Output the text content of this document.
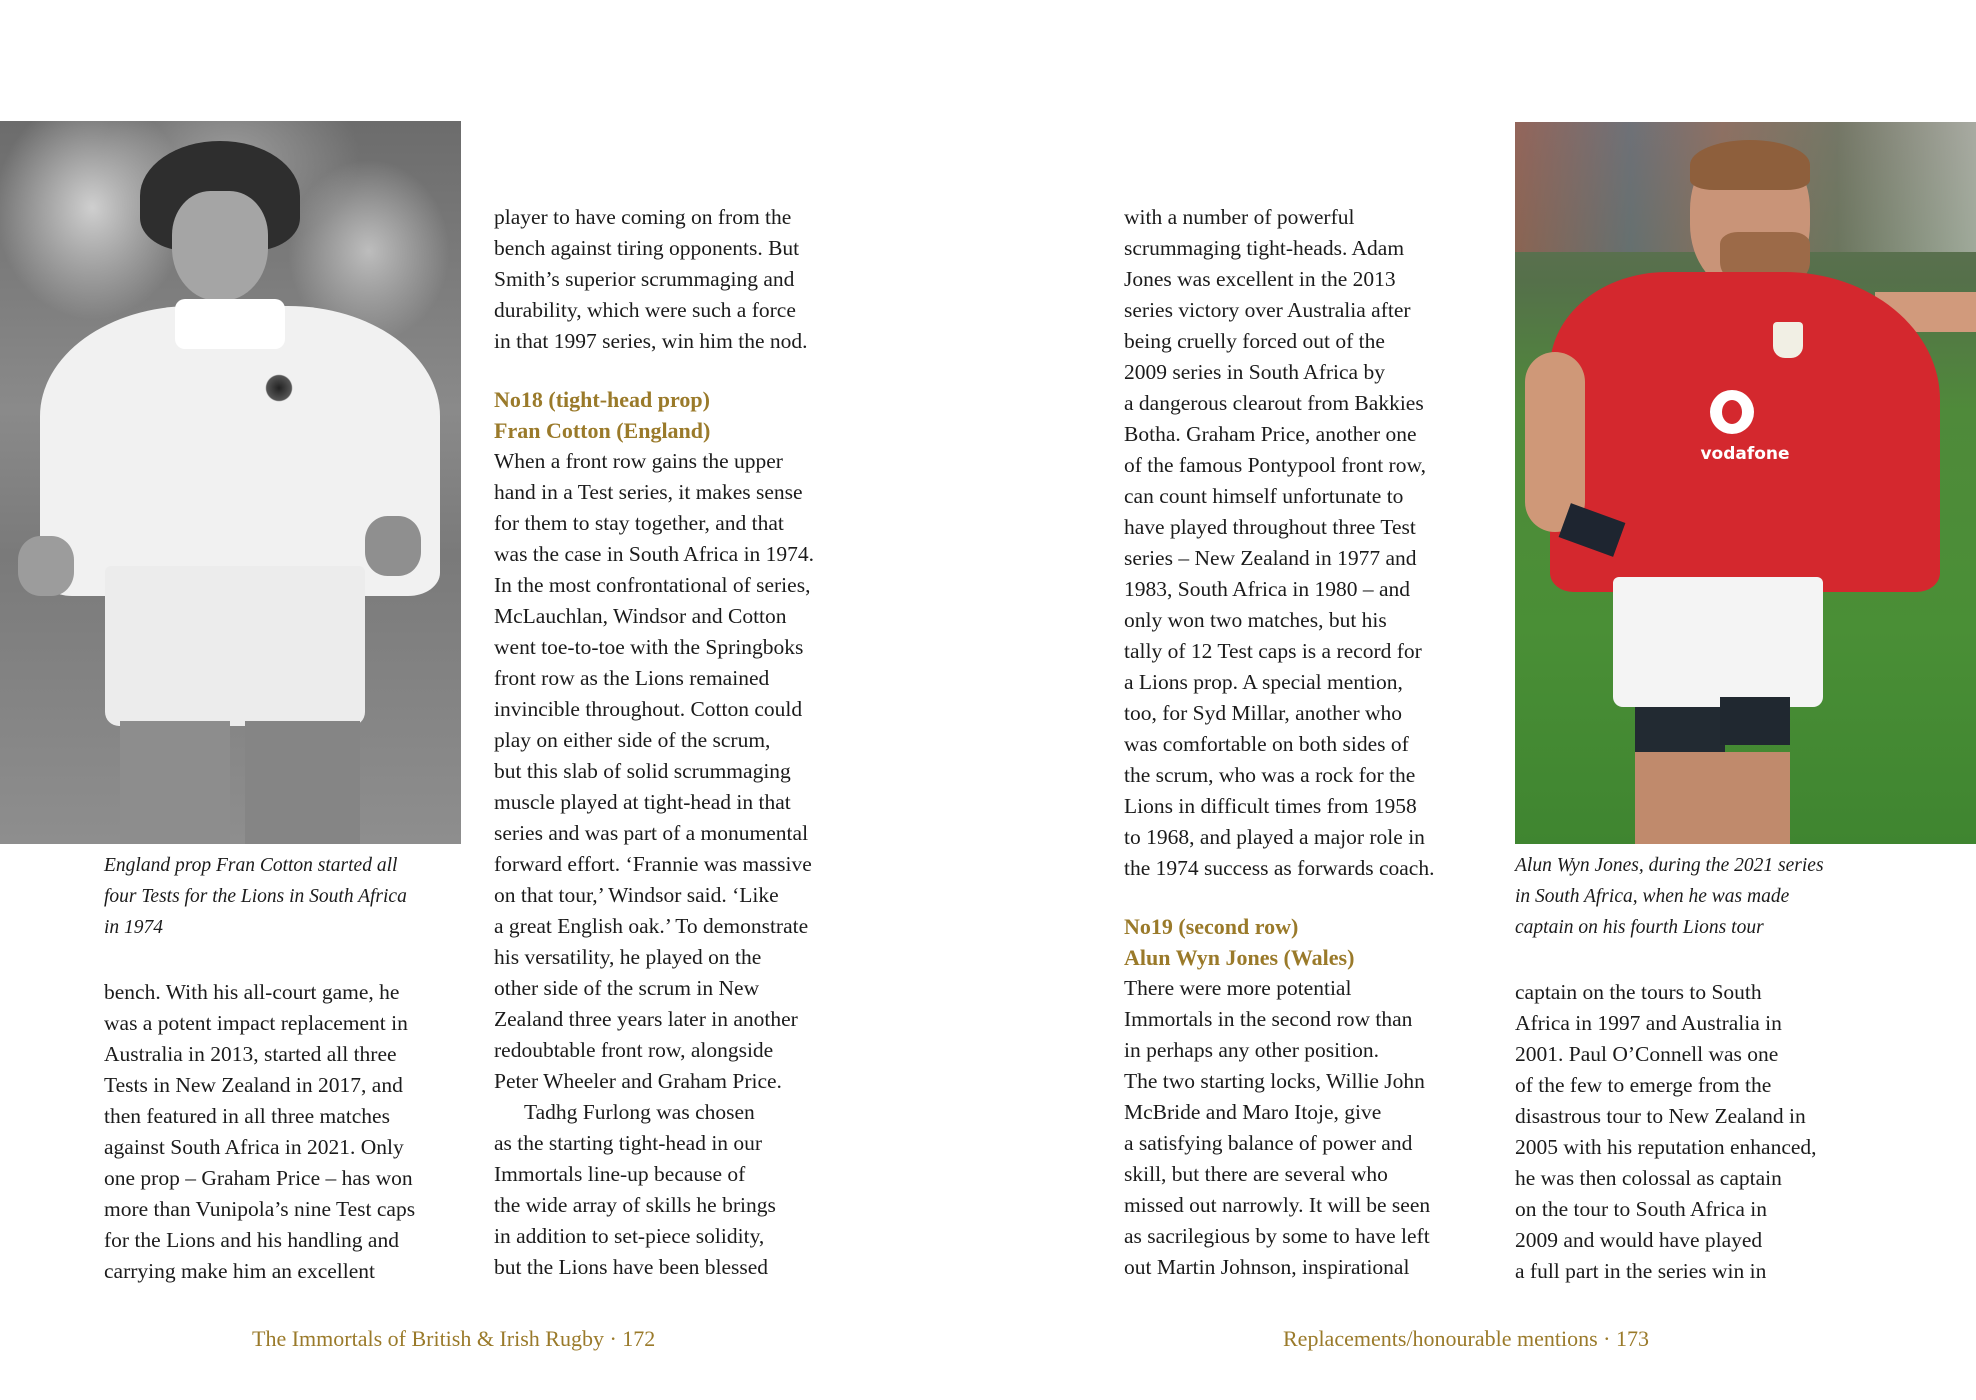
England prop Fran Cotton started all
four Tests for the Lions in South Africa
in 1974
bench. With his all-court game, he
was a potent impact replacement in
Australia in 2013, started all three
Tests in New Zealand in 2017, and
then featured in all three matches
against South Africa in 2021. Only
one prop – Graham Price – has won
more than Vunipola’s nine Test caps
for the Lions and his handling and
carrying make him an excellent
player to have coming on from the
bench against tiring opponents. But
Smith’s superior scrummaging and
durability, which were such a force
in that 1997 series, win him the nod.
No18 (tight-head prop)
Fran Cotton (England)
When a front row gains the upper
hand in a Test series, it makes sense
for them to stay together, and that
was the case in South Africa in 1974.
In the most confrontational of series,
McLauchlan, Windsor and Cotton
went toe-to-toe with the Springboks
front row as the Lions remained
invincible throughout. Cotton could
play on either side of the scrum,
but this slab of solid scrummaging
muscle played at tight-head in that
series and was part of a monumental
forward effort. ‘Frannie was massive
on that tour,’ Windsor said. ‘Like
a great English oak.’ To demonstrate
his versatility, he played on the
other side of the scrum in New
Zealand three years later in another
redoubtable front row, alongside
Peter Wheeler and Graham Price.
Tadhg Furlong was chosen
as the starting tight-head in our
Immortals line-up because of
the wide array of skills he brings
in addition to set-piece solidity,
but the Lions have been blessed
The Immortals of British & Irish Rugby · 172
with a number of powerful
scrummaging tight-heads. Adam
Jones was excellent in the 2013
series victory over Australia after
being cruelly forced out of the
2009 series in South Africa by
a dangerous clearout from Bakkies
Botha. Graham Price, another one
of the famous Pontypool front row,
can count himself unfortunate to
have played throughout three Test
series – New Zealand in 1977 and
1983, South Africa in 1980 – and
only won two matches, but his
tally of 12 Test caps is a record for
a Lions prop. A special mention,
too, for Syd Millar, another who
was comfortable on both sides of
the scrum, who was a rock for the
Lions in difficult times from 1958
to 1968, and played a major role in
the 1974 success as forwards coach.
No19 (second row)
Alun Wyn Jones (Wales)
There were more potential
Immortals in the second row than
in perhaps any other position.
The two starting locks, Willie John
McBride and Maro Itoje, give
a satisfying balance of power and
skill, but there are several who
missed out narrowly. It will be seen
as sacrilegious by some to have left
out Martin Johnson, inspirational
vodafone
Alun Wyn Jones, during the 2021 series
in South Africa, when he was made
captain on his fourth Lions tour
captain on the tours to South
Africa in 1997 and Australia in
2001. Paul O’Connell was one
of the few to emerge from the
disastrous tour to New Zealand in
2005 with his reputation enhanced,
he was then colossal as captain
on the tour to South Africa in
2009 and would have played
a full part in the series win in
Replacements/honourable mentions · 173
